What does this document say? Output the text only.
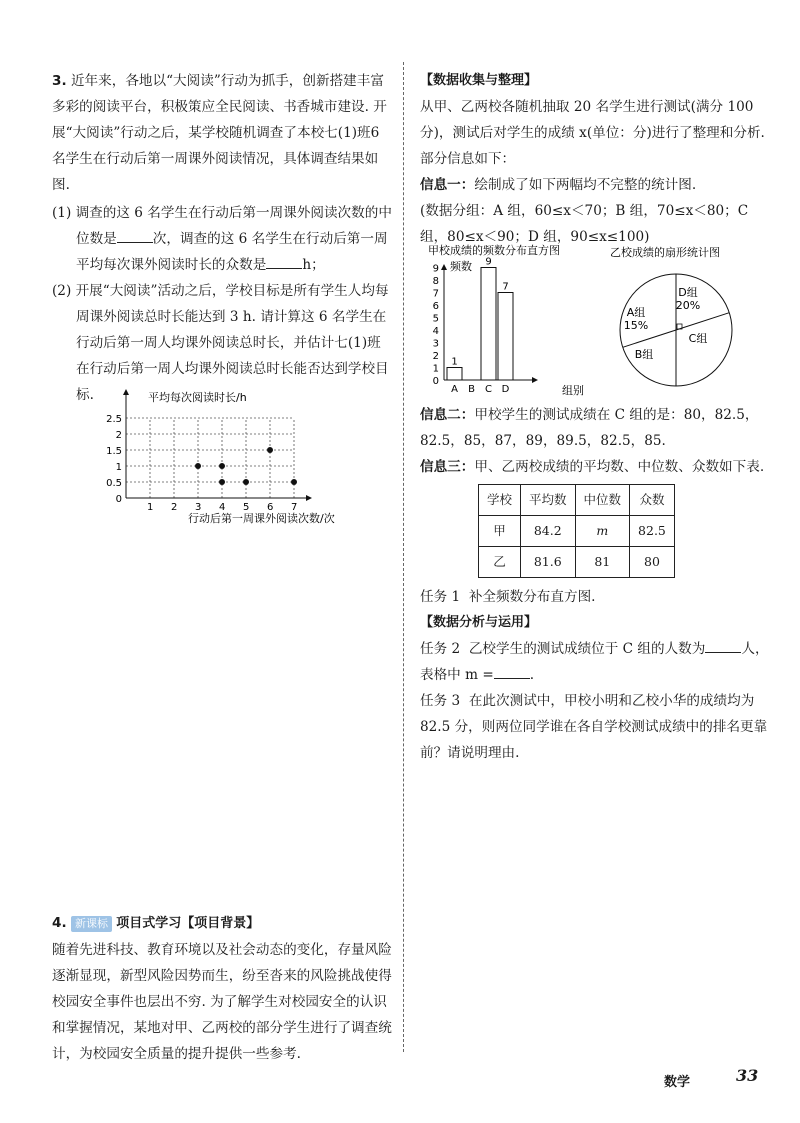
3. 近年来，各地以“大阅读”行动为抓手，创新搭建丰富多彩的阅读平台，积极策应全民阅读、书香城市建设. 开展“大阅读”行动之后，某学校随机调查了本校七(1)班6名学生在行动后第一周课外阅读情况，具体调查结果如图.
(1) 调查的这 6 名学生在行动后第一周课外阅读次数的中位数是	次，调查的这 6 名学生在行动后第一周平均每次课外阅读时长的众数是	h；
(2) 开展“大阅读”活动之后，学校目标是所有学生人均每周课外阅读总时长能达到 3 h. 请计算这 6 名学生在行动后第一周人均课外阅读总时长，并估计七(1)班在行动后第一周人均课外阅读总时长能否达到学校目标.
1 2 3 4 5 6 7
0.5
1
1.5
2
2.5
0
平均每次阅读时长/h
行动后第一周课外阅读次数/次
4. 新课标 项目式学习【项目背景】
随着先进科技、教育环境以及社会动态的变化，存量风险逐渐显现，新型风险因势而生，纷至沓来的风险挑战使得校园安全事件也层出不穷. 为了解学生对校园安全的认识和掌握情况，某地对甲、乙两校的部分学生进行了调查统计，为校园安全质量的提升提供一些参考.
【数据收集与整理】
从甲、乙两校各随机抽取 20 名学生进行测试(满分 100 分)，测试后对学生的成绩 x(单位：分)进行了整理和分析. 部分信息如下：
信息一：绘制成了如下两幅均不完整的统计图.
(数据分组：A 组，60≤x＜70；B 组，70≤x＜80；C 组，80≤x＜90；D 组，90≤x≤100)
甲校成绩的频数分布直方图
频数
1
9
7
0
1
2
3
4
5
6
7
8
9
A B C D	组别
乙校成绩的扇形统计图
D组
20%
A组
15%
B组
C组
信息二：甲校学生的测试成绩在 C 组的是：80，82.5，82.5，85，87，89，89.5，82.5，85.
信息三：甲、乙两校成绩的平均数、中位数、众数如下表.
学校	平均数	中位数	众数
甲	84.2	m	82.5
乙	81.6	81	80
任务 1 补全频数分布直方图.
【数据分析与运用】
任务 2 乙校学生的测试成绩位于 C 组的人数为	人，表格中 m =	.
任务 3 在此次测试中，甲校小明和乙校小华的成绩均为82.5 分，则两位同学谁在各自学校测试成绩中的排名更靠前？请说明理由.
数学	33
